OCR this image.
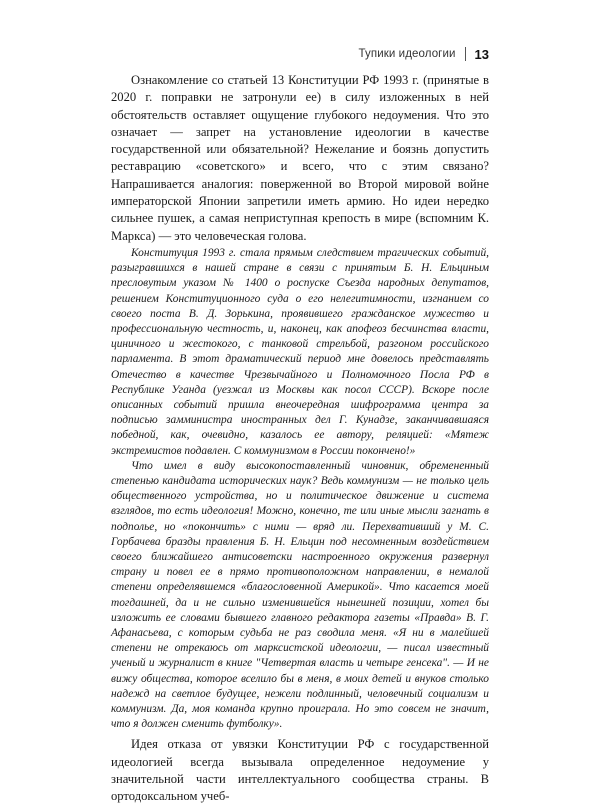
Тупики идеологии 13

Ознакомление со статьей 13 Конституции РФ 1993 г. (принятые в 2020 г. поправки не затронули ее) в силу изложенных в ней обстоятельств оставляет ощущение глубокого недоумения. Что это означает — запрет на установление идеологии в качестве государственной или обязательной? Нежелание и боязнь допустить реставрацию «советского» и всего, что с этим связано? Напрашивается аналогия: поверженной во Второй мировой войне императорской Японии запретили иметь армию. Но идеи нередко сильнее пушек, а самая неприступная крепость в мире (вспомним К. Маркса) — это человеческая голова.

Конституция 1993 г. стала прямым следствием трагических событий, разыгравшихся в нашей стране в связи с принятым Б. Н. Ельциным пресловутым указом № 1400 о роспуске Съезда народных депутатов, решением Конституционного суда о его нелегитимности, изгнанием со своего поста В. Д. Зорькина, проявившего гражданское мужество и профессиональную честность, и, наконец, как апофеоз бесчинства власти, циничного и жестокого, с танковой стрельбой, разгоном российского парламента. В этот драматический период мне довелось представлять Отечество в качестве Чрезвычайного и Полномочного Посла РФ в Республике Уганда (уезжал из Москвы как посол СССР). Вскоре после описанных событий пришла внеочередная шифрограмма центра за подписью замминистра иностранных дел Г. Кунадзе, заканчивавшаяся победной, как, очевидно, казалось ее автору, реляцией: «Мятеж экстремистов подавлен. С коммунизмом в России покончено!»

Что имел в виду высокопоставленный чиновник, обремененный степенью кандидата исторических наук? Ведь коммунизм — не только цель общественного устройства, но и политическое движение и система взглядов, то есть идеология! Можно, конечно, те или иные мысли загнать в подполье, но «покончить» с ними — вряд ли. Перехвативший у М. С. Горбачева бразды правления Б. Н. Ельцин под несомненным воздействием своего ближайшего антисоветски настроенного окружения развернул страну и повел ее в прямо противоположном направлении, в немалой степени определявшемся «благословенной Америкой». Что касается моей тогдашней, да и не сильно изменившейся нынешней позиции, хотел бы изложить ее словами бывшего главного редактора газеты «Правда» В. Г. Афанасьева, с которым судьба не раз сводила меня. «Я ни в малейшей степени не отрекаюсь от марксистской идеологии, — писал известный ученый и журналист в книге "Четвертая власть и четыре генсека". — И не вижу общества, которое вселило бы в меня, в моих детей и внуков столько надежд на светлое будущее, нежели подлинный, человечный социализм и коммунизм. Да, моя команда крупно проиграла. Но это совсем не значит, что я должен сменить футболку».

Идея отказа от увязки Конституции РФ с государственной идеологией всегда вызывала определенное недоумение у значительной части интеллектуального сообщества страны. В ортодоксальном учеб-
